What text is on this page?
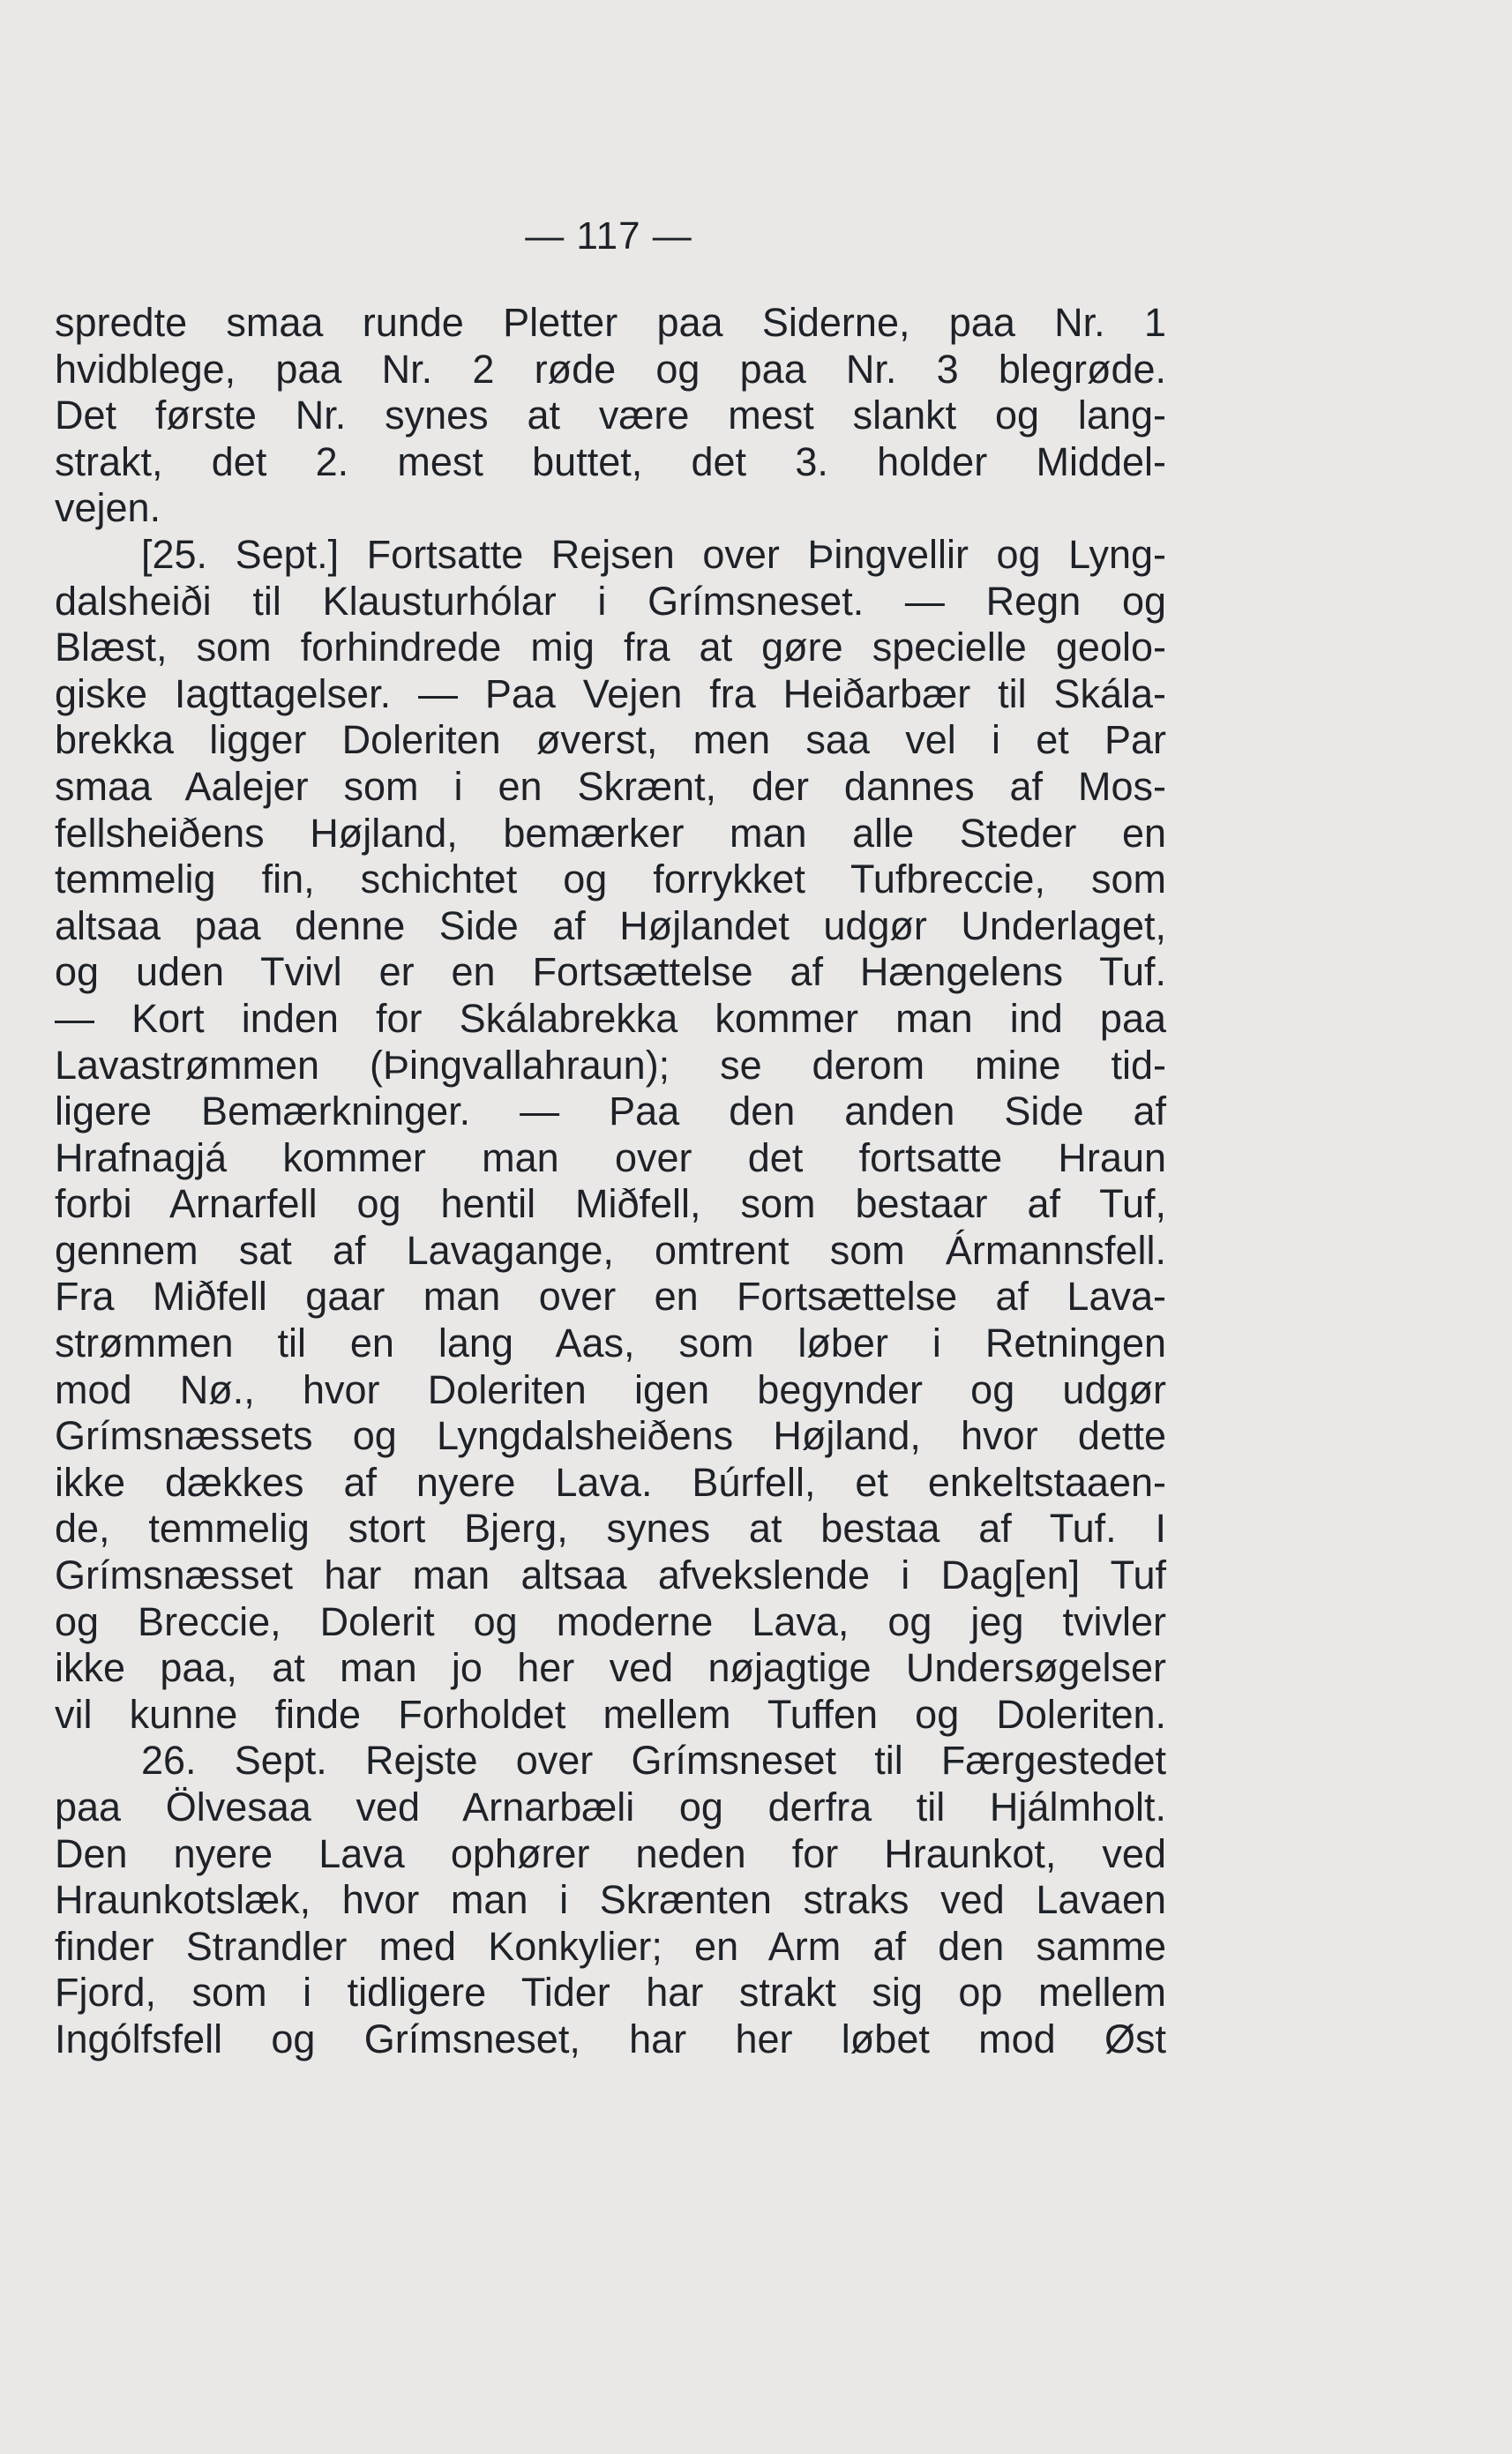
— 117 —
spredte smaa runde Pletter paa Siderne, paa Nr. 1
hvidblege, paa Nr. 2 røde og paa Nr. 3 blegrøde.
Det første Nr. synes at være mest slankt og lang-
strakt, det 2. mest buttet, det 3. holder Middel-
vejen.
[25. Sept.] Fortsatte Rejsen over Þingvellir og Lyng-
dalsheiði til Klausturhólar i Grímsneset. — Regn og
Blæst, som forhindrede mig fra at gøre specielle geolo-
giske Iagttagelser. — Paa Vejen fra Heiðarbær til Skála-
brekka ligger Doleriten øverst, men saa vel i et Par
smaa Aalejer som i en Skrænt, der dannes af Mos-
fellsheiðens Højland, bemærker man alle Steder en
temmelig fin, schichtet og forrykket Tufbreccie, som
altsaa paa denne Side af Højlandet udgør Underlaget,
og uden Tvivl er en Fortsættelse af Hængelens Tuf.
— Kort inden for Skálabrekka kommer man ind paa
Lavastrømmen (Þingvallahraun); se derom mine tid-
ligere Bemærkninger. — Paa den anden Side af
Hrafnagjá kommer man over det fortsatte Hraun
forbi Arnarfell og hentil Miðfell, som bestaar af Tuf,
gennem sat af Lavagange, omtrent som Ármannsfell.
Fra Miðfell gaar man over en Fortsættelse af Lava-
strømmen til en lang Aas, som løber i Retningen
mod Nø., hvor Doleriten igen begynder og udgør
Grímsnæssets og Lyngdalsheiðens Højland, hvor dette
ikke dækkes af nyere Lava. Búrfell, et enkeltstaaen-
de, temmelig stort Bjerg, synes at bestaa af Tuf. I
Grímsnæsset har man altsaa afvekslende i Dag[en] Tuf
og Breccie, Dolerit og moderne Lava, og jeg tvivler
ikke paa, at man jo her ved nøjagtige Undersøgelser
vil kunne finde Forholdet mellem Tuffen og Doleriten.
26. Sept. Rejste over Grímsneset til Færgestedet
paa Ölvesaa ved Arnarbæli og derfra til Hjálmholt.
Den nyere Lava ophører neden for Hraunkot, ved
Hraunkotslæk, hvor man i Skrænten straks ved Lavaen
finder Strandler med Konkylier; en Arm af den samme
Fjord, som i tidligere Tider har strakt sig op mellem
Ingólfsfell og Grímsneset, har her løbet mod Øst
